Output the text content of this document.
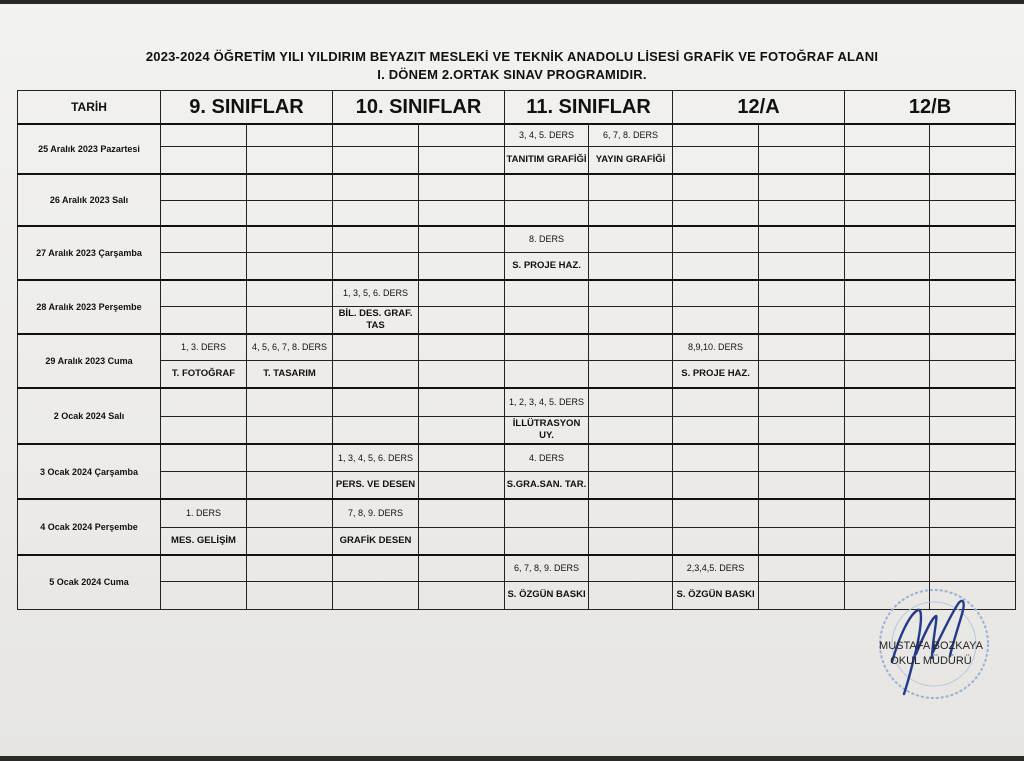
2023-2024 ÖĞRETİM YILI YILDIRIM BEYAZIT MESLEKİ VE TEKNİK ANADOLU LİSESİ GRAFİK VE FOTOĞRAF ALANI
I. DÖNEM 2.ORTAK SINAV PROGRAMIDIR.
TARİH	9. SINIFLAR		10. SINIFLAR		11. SINIFLAR		12/A		12/B	
25 Aralık 2023 Pazartesi					3, 4, 5. DERS	6, 7, 8. DERS				
					TANITIM GRAFİĞİ	YAYIN GRAFİĞİ				
26 Aralık 2023 Salı										

27 Aralık 2023 Çarşamba					8. DERS					
					S. PROJE HAZ.					
28 Aralık 2023 Perşembe			1, 3, 5, 6. DERS							
			BİL. DES. GRAF. TAS							
29 Aralık 2023 Cuma	1, 3. DERS	4, 5, 6, 7, 8. DERS					8,9,10. DERS			
	T. FOTOĞRAF	T. TASARIM					S. PROJE HAZ.			
2 Ocak 2024 Salı					1, 2, 3, 4, 5. DERS					
					İLLÜTRASYON UY.					
3 Ocak 2024 Çarşamba			1, 3, 4, 5, 6. DERS		4. DERS					
			PERS. VE DESEN		S.GRA.SAN. TAR.					
4 Ocak 2024 Perşembe	1. DERS		7, 8, 9. DERS							
	MES. GELİŞİM		GRAFİK DESEN							
5 Ocak 2024 Cuma					6, 7, 8, 9. DERS		2,3,4,5. DERS			
					S. ÖZGÜN BASKI		S. ÖZGÜN BASKI			
MUSTAFA BOZKAYA
OKUL MÜDÜRÜ
